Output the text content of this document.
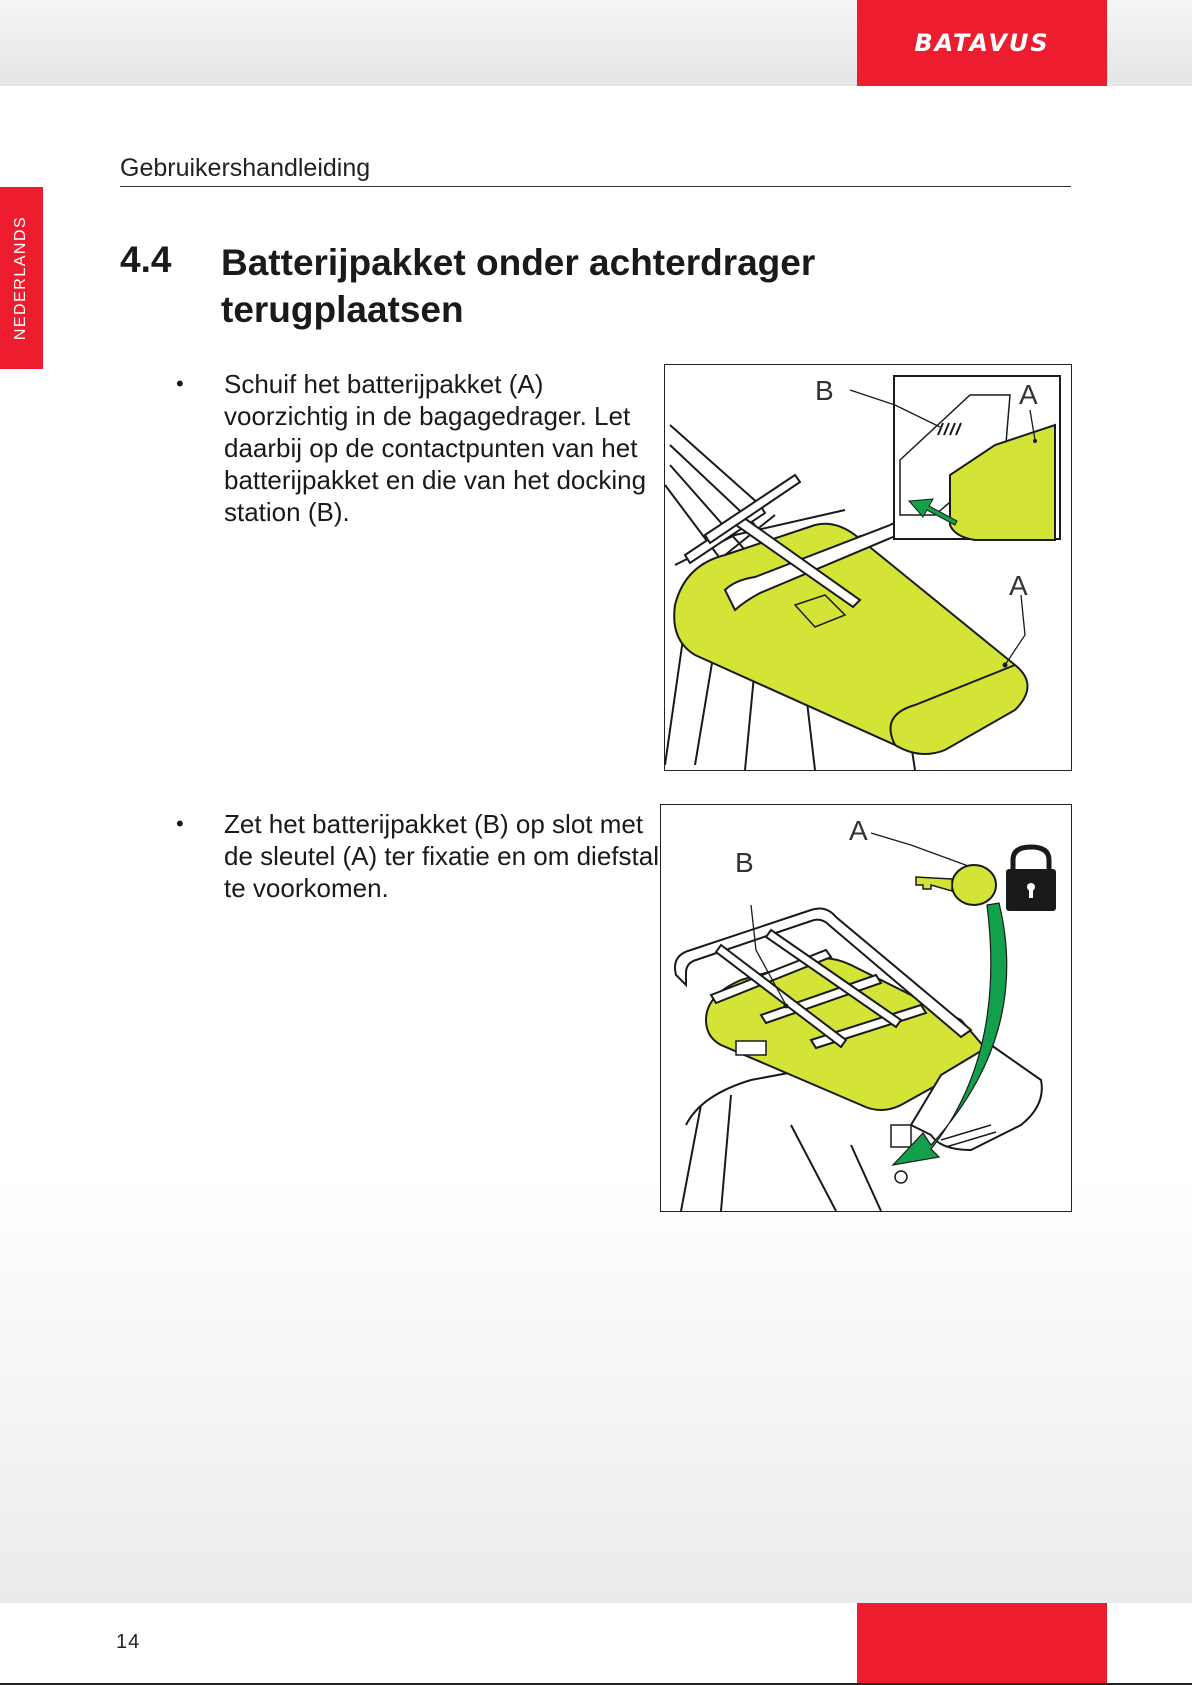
BATAVUS
NEDERLANDS
Gebruikershandleiding
4.4 Batterijpakket onder achterdrager terugplaatsen
• Schuif het batterijpakket (A) voorzichtig in de bagagedrager. Let daarbij op de contactpunten van het batterijpakket en die van het docking station (B).
B	A
A
• Zet het batterijpakket (B) op slot met de sleutel (A) ter fixatie en om diefstal te voorkomen.
A
B
14
